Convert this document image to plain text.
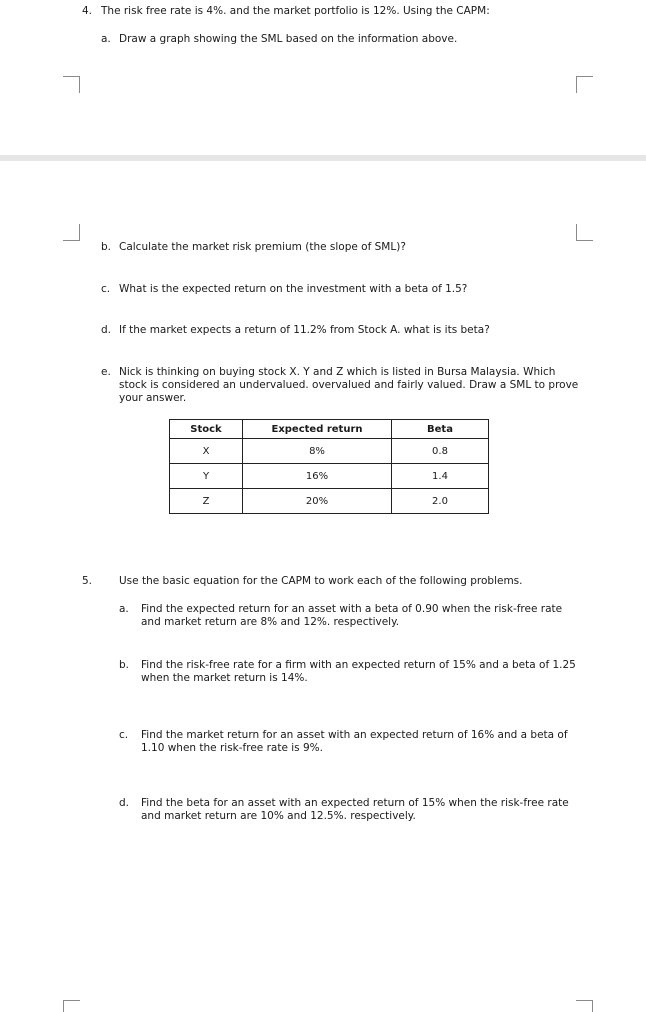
4. The risk free rate is 4%. and the market portfolio is 12%. Using the CAPM:
a. Draw a graph showing the SML based on the information above.
b. Calculate the market risk premium (the slope of SML)?
c. What is the expected return on the investment with a beta of 1.5?
d. If the market expects a return of 11.2% from Stock A. what is its beta?
e. Nick is thinking on buying stock X. Y and Z which is listed in Bursa Malaysia. Which stock is considered an undervalued. overvalued and fairly valued. Draw a SML to prove your answer.
Stock	Expected return	Beta
X	8%	0.8
Y	16%	1.4
Z	20%	2.0
5.	Use the basic equation for the CAPM to work each of the following problems.
a. Find the expected return for an asset with a beta of 0.90 when the risk-free rate and market return are 8% and 12%. respectively.
b. Find the risk-free rate for a firm with an expected return of 15% and a beta of 1.25 when the market return is 14%.
c. Find the market return for an asset with an expected return of 16% and a beta of 1.10 when the risk-free rate is 9%.
d. Find the beta for an asset with an expected return of 15% when the risk-free rate and market return are 10% and 12.5%. respectively.
